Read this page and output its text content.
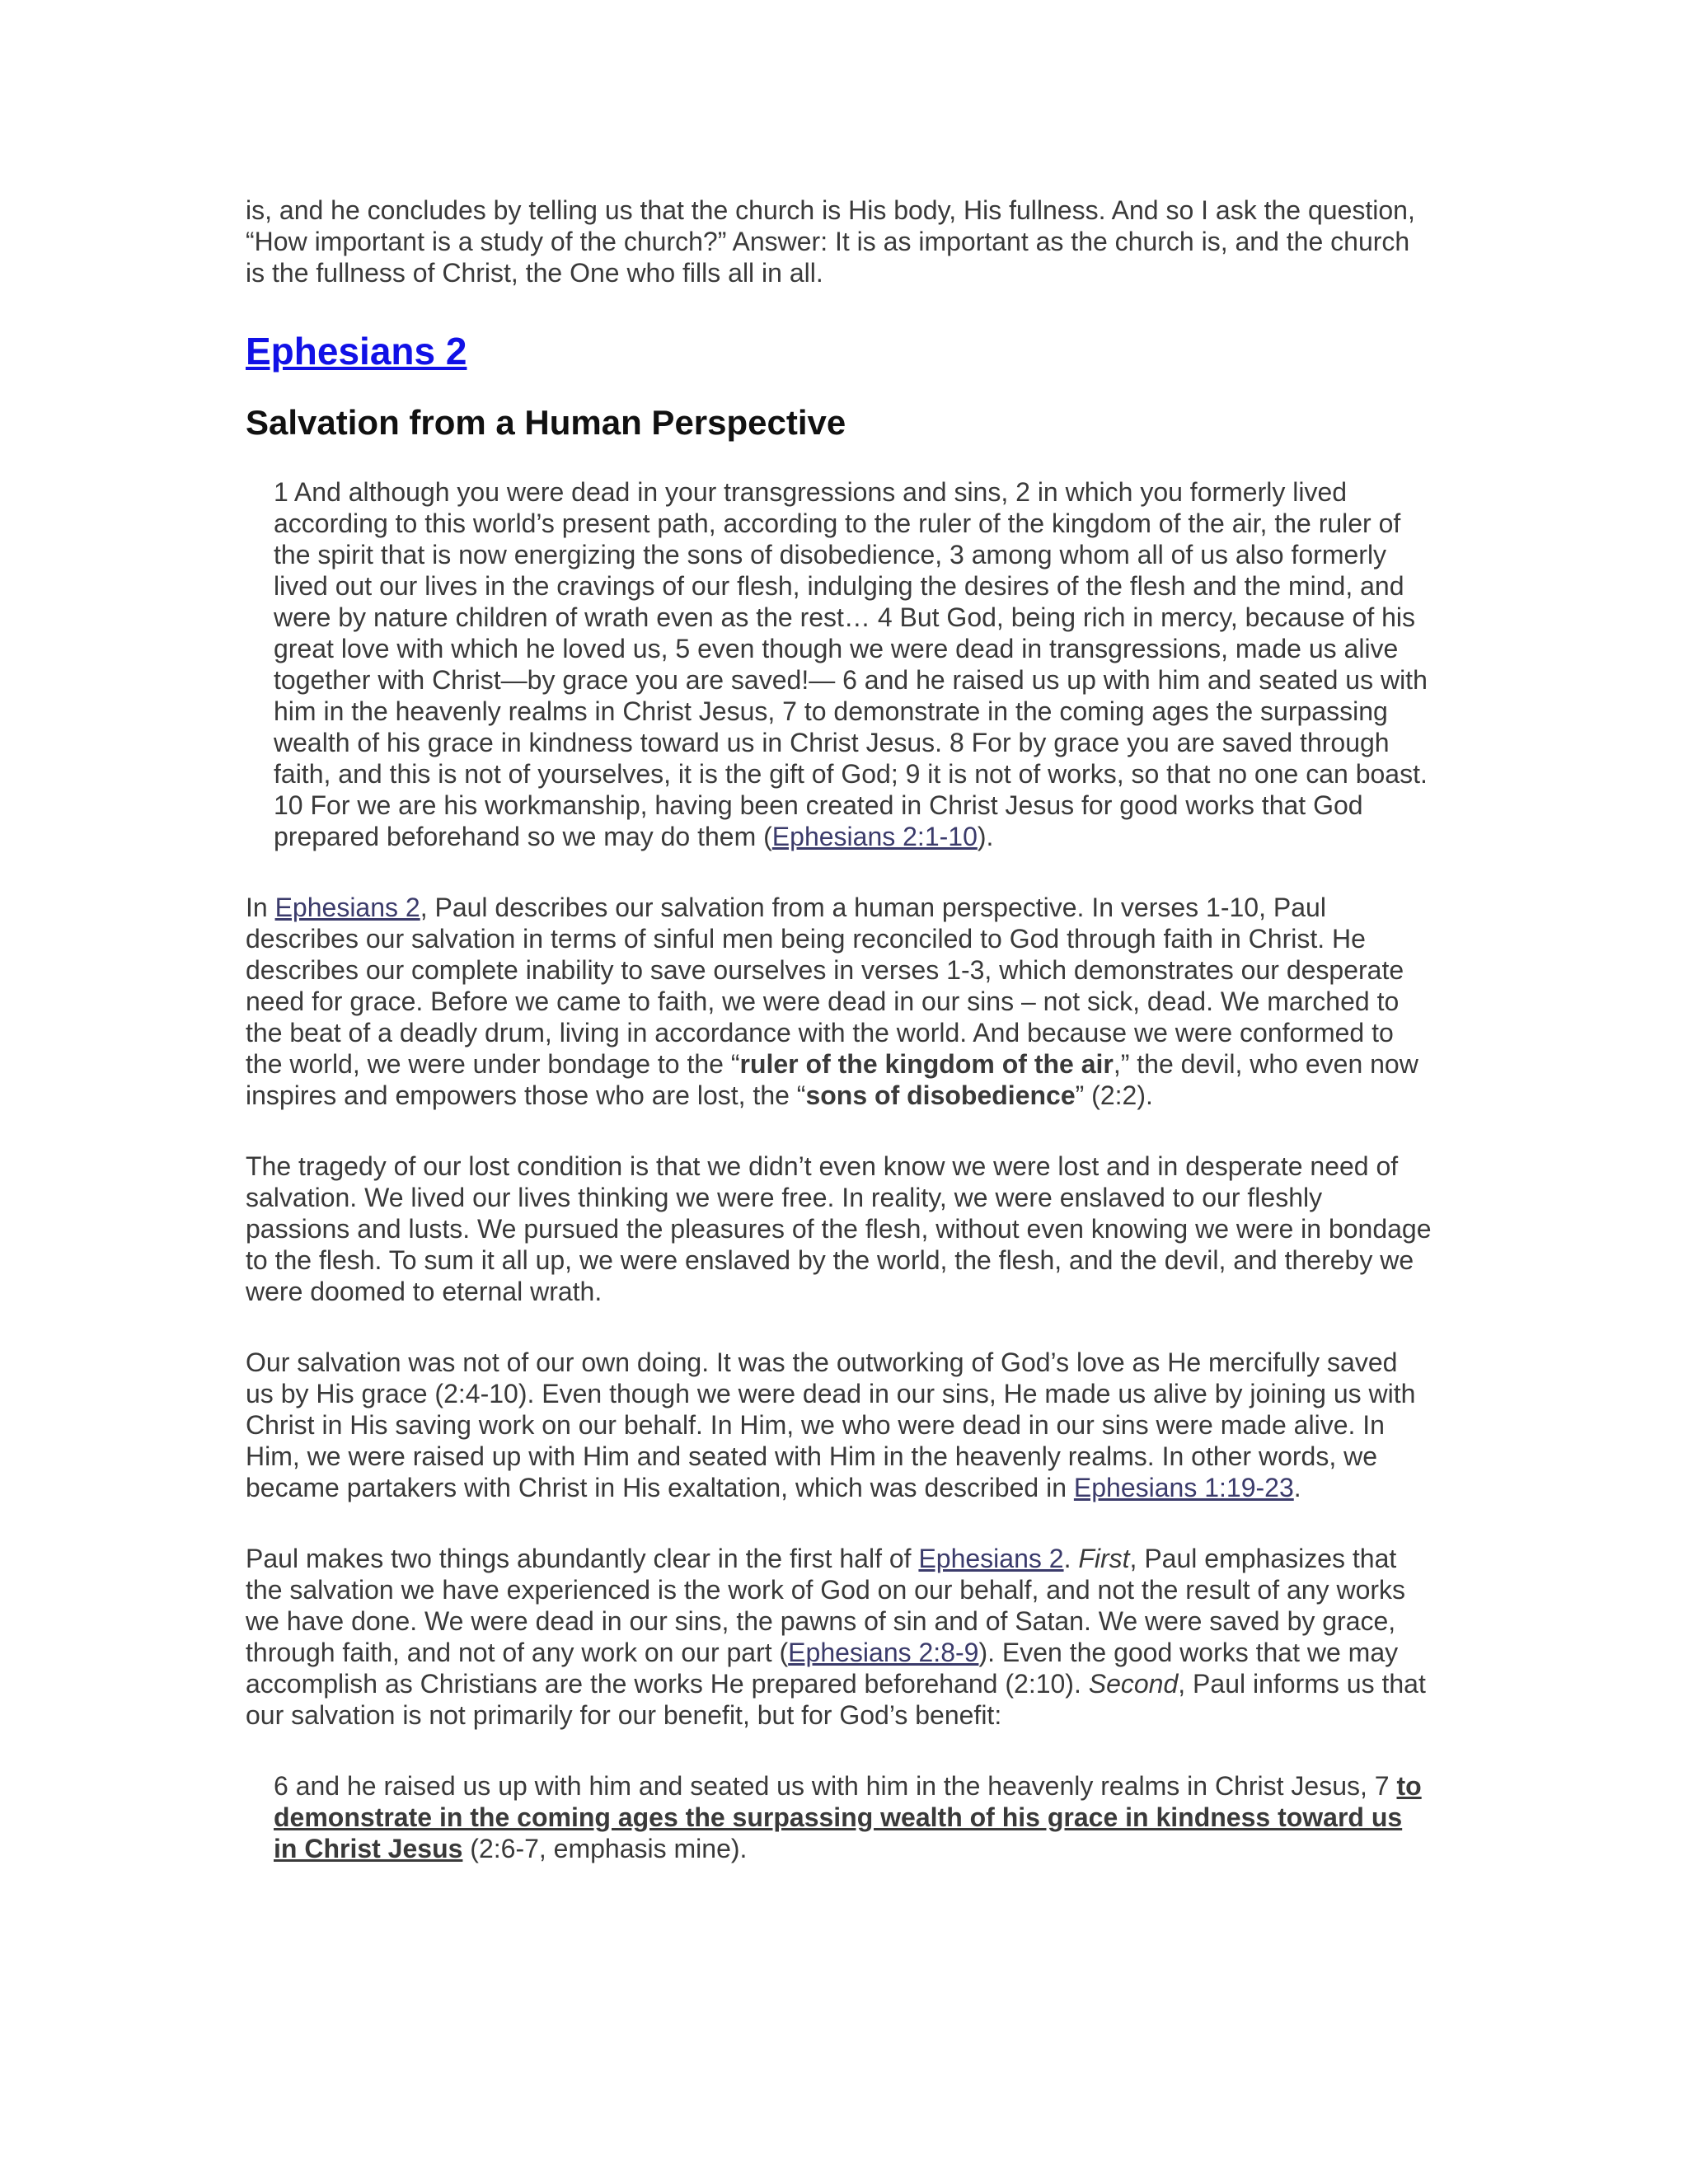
is, and he concludes by telling us that the church is His body, His fullness. And so I ask the question, “How important is a study of the church?” Answer: It is as important as the church is, and the church is the fullness of Christ, the One who fills all in all.

Ephesians 2
Salvation from a Human Perspective

1 And although you were dead in your transgressions and sins, 2 in which you formerly lived according to this world’s present path, according to the ruler of the kingdom of the air, the ruler of the spirit that is now energizing the sons of disobedience, 3 among whom all of us also formerly lived out our lives in the cravings of our flesh, indulging the desires of the flesh and the mind, and were by nature children of wrath even as the rest… 4 But God, being rich in mercy, because of his great love with which he loved us, 5 even though we were dead in transgressions, made us alive together with Christ—by grace you are saved!— 6 and he raised us up with him and seated us with him in the heavenly realms in Christ Jesus, 7 to demonstrate in the coming ages the surpassing wealth of his grace in kindness toward us in Christ Jesus. 8 For by grace you are saved through faith, and this is not of yourselves, it is the gift of God; 9 it is not of works, so that no one can boast. 10 For we are his workmanship, having been created in Christ Jesus for good works that God prepared beforehand so we may do them (Ephesians 2:1-10).

In Ephesians 2, Paul describes our salvation from a human perspective. In verses 1-10, Paul describes our salvation in terms of sinful men being reconciled to God through faith in Christ. He describes our complete inability to save ourselves in verses 1-3, which demonstrates our desperate need for grace. Before we came to faith, we were dead in our sins – not sick, dead. We marched to the beat of a deadly drum, living in accordance with the world. And because we were conformed to the world, we were under bondage to the “ruler of the kingdom of the air,” the devil, who even now inspires and empowers those who are lost, the “sons of disobedience” (2:2).

The tragedy of our lost condition is that we didn’t even know we were lost and in desperate need of salvation. We lived our lives thinking we were free. In reality, we were enslaved to our fleshly passions and lusts. We pursued the pleasures of the flesh, without even knowing we were in bondage to the flesh. To sum it all up, we were enslaved by the world, the flesh, and the devil, and thereby we were doomed to eternal wrath.

Our salvation was not of our own doing. It was the outworking of God’s love as He mercifully saved us by His grace (2:4-10). Even though we were dead in our sins, He made us alive by joining us with Christ in His saving work on our behalf. In Him, we who were dead in our sins were made alive. In Him, we were raised up with Him and seated with Him in the heavenly realms. In other words, we became partakers with Christ in His exaltation, which was described in Ephesians 1:19-23.

Paul makes two things abundantly clear in the first half of Ephesians 2. First, Paul emphasizes that the salvation we have experienced is the work of God on our behalf, and not the result of any works we have done. We were dead in our sins, the pawns of sin and of Satan. We were saved by grace, through faith, and not of any work on our part (Ephesians 2:8-9). Even the good works that we may accomplish as Christians are the works He prepared beforehand (2:10). Second, Paul informs us that our salvation is not primarily for our benefit, but for God’s benefit:

6 and he raised us up with him and seated us with him in the heavenly realms in Christ Jesus, 7 to demonstrate in the coming ages the surpassing wealth of his grace in kindness toward us in Christ Jesus (2:6-7, emphasis mine).
